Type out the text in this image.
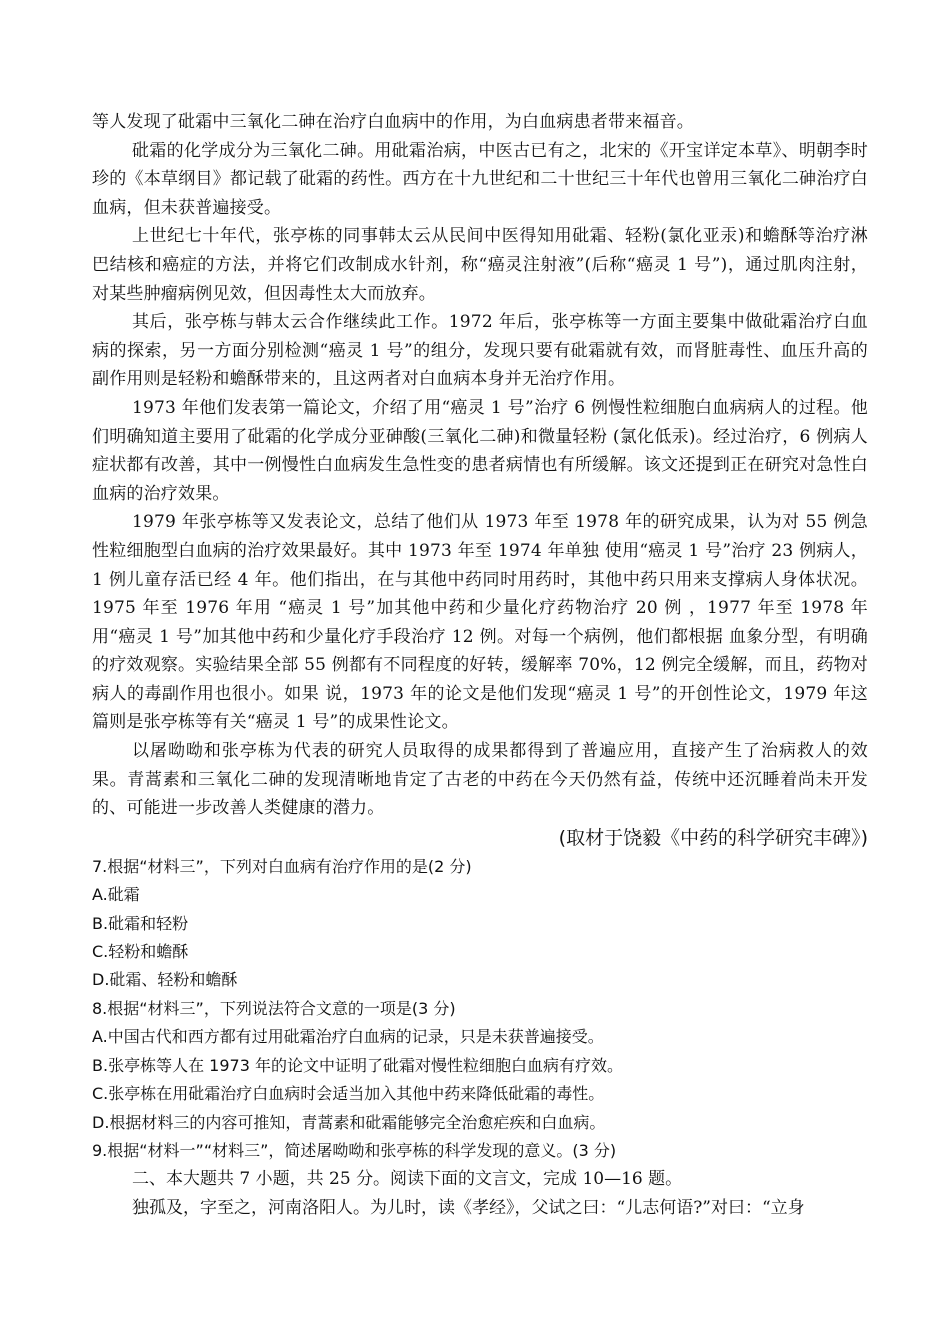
等人发现了砒霜中三氧化二砷在治疗白血病中的作用，为白血病患者带来福音。

砒霜的化学成分为三氧化二砷。用砒霜治病，中医古已有之，北宋的《开宝详定本草》、明朝李时珍的《本草纲目》都记载了砒霜的药性。西方在十九世纪和二十世纪三十年代也曾用三氧化二砷治疗白血病，但未获普遍接受。

上世纪七十年代，张亭栋的同事韩太云从民间中医得知用砒霜、轻粉(氯化亚汞)和蟾酥等治疗淋巴结核和癌症的方法，并将它们改制成水针剂，称“癌灵注射液”(后称“癌灵 1 号”)，通过肌肉注射，对某些肿瘤病例见效，但因毒性太大而放弃。

其后，张亭栋与韩太云合作继续此工作。1972 年后，张亭栋等一方面主要集中做砒霜治疗白血病的探索，另一方面分别检测“癌灵 1 号”的组分，发现只要有砒霜就有效，而肾脏毒性、血压升高的副作用则是轻粉和蟾酥带来的，且这两者对白血病本身并无治疗作用。

1973 年他们发表第一篇论文，介绍了用“癌灵 1 号”治疗 6 例慢性粒细胞白血病病人的过程。他们明确知道主要用了砒霜的化学成分亚砷酸(三氧化二砷)和微量轻粉 (氯化低汞)。经过治疗，6 例病人症状都有改善，其中一例慢性白血病发生急性变的患者病情也有所缓解。该文还提到正在研究对急性白血病的治疗效果。

1979 年张亭栋等又发表论文，总结了他们从 1973 年至 1978 年的研究成果，认为对 55 例急性粒细胞型白血病的治疗效果最好。其中 1973 年至 1974 年单独 使用“癌灵 1 号”治疗 23 例病人，1 例儿童存活已经 4 年。他们指出，在与其他中药同时用药时，其他中药只用来支撑病人身体状况。1975 年至 1976 年用 “癌灵 1 号”加其他中药和少量化疗药物治疗 20 例 ，1977 年至 1978 年用“癌灵 1 号”加其他中药和少量化疗手段治疗 12 例。对每一个病例，他们都根据 血象分型，有明确的疗效观察。实验结果全部 55 例都有不同程度的好转，缓解率 70%，12 例完全缓解，而且，药物对病人的毒副作用也很小。如果 说，1973 年的论文是他们发现“癌灵 1 号”的开创性论文，1979 年这篇则是张亭栋等有关“癌灵 1 号”的成果性论文。

以屠呦呦和张亭栋为代表的研究人员取得的成果都得到了普遍应用，直接产生了治病救人的效果。青蒿素和三氧化二砷的发现清晰地肯定了古老的中药在今天仍然有益，传统中还沉睡着尚未开发的、可能进一步改善人类健康的潜力。

(取材于饶毅《中药的科学研究丰碑》)

7.根据“材料三”，下列对白血病有治疗作用的是(2 分)

A.砒霜

B.砒霜和轻粉

C.轻粉和蟾酥

D.砒霜、轻粉和蟾酥

8.根据“材料三”，下列说法符合文意的一项是(3 分)

A.中国古代和西方都有过用砒霜治疗白血病的记录，只是未获普遍接受。

B.张亭栋等人在 1973 年的论文中证明了砒霜对慢性粒细胞白血病有疗效。

C.张亭栋在用砒霜治疗白血病时会适当加入其他中药来降低砒霜的毒性。

D.根据材料三的内容可推知，青蒿素和砒霜能够完全治愈疟疾和白血病。

9.根据“材料一”“材料三”，简述屠呦呦和张亭栋的科学发现的意义。(3 分)

二、本大题共 7 小题，共 25 分。阅读下面的文言文，完成 10—16 题。

独孤及，字至之，河南洛阳人。为儿时，读《孝经》，父试之曰：“儿志何语?”对曰：“立身
